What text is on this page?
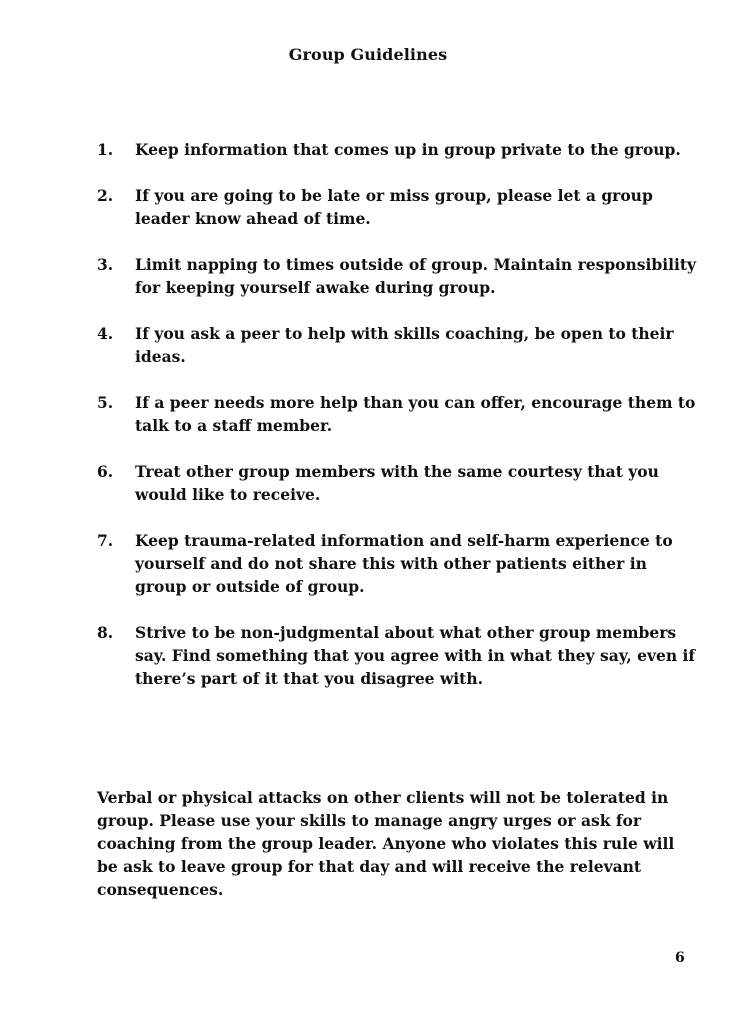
Group Guidelines
1.	Keep information that comes up in group private to the group.
2.	If you are going to be late or miss group, please let a group leader know ahead of time.
3.	Limit napping to times outside of group. Maintain responsibility for keeping yourself awake during group.
4.	If you ask a peer to help with skills coaching, be open to their ideas.
5.	If a peer needs more help than you can offer, encourage them to talk to a staff member.
6.	Treat other group members with the same courtesy that you would like to receive.
7.	Keep trauma-related information and self-harm experience to yourself and do not share this with other patients either in group or outside of group.
8.	Strive to be non-judgmental about what other group members say. Find something that you agree with in what they say, even if there’s part of it that you disagree with.

Verbal or physical attacks on other clients will not be tolerated in group. Please use your skills to manage angry urges or ask for coaching from the group leader. Anyone who violates this rule will be ask to leave group for that day and will receive the relevant consequences.

6
